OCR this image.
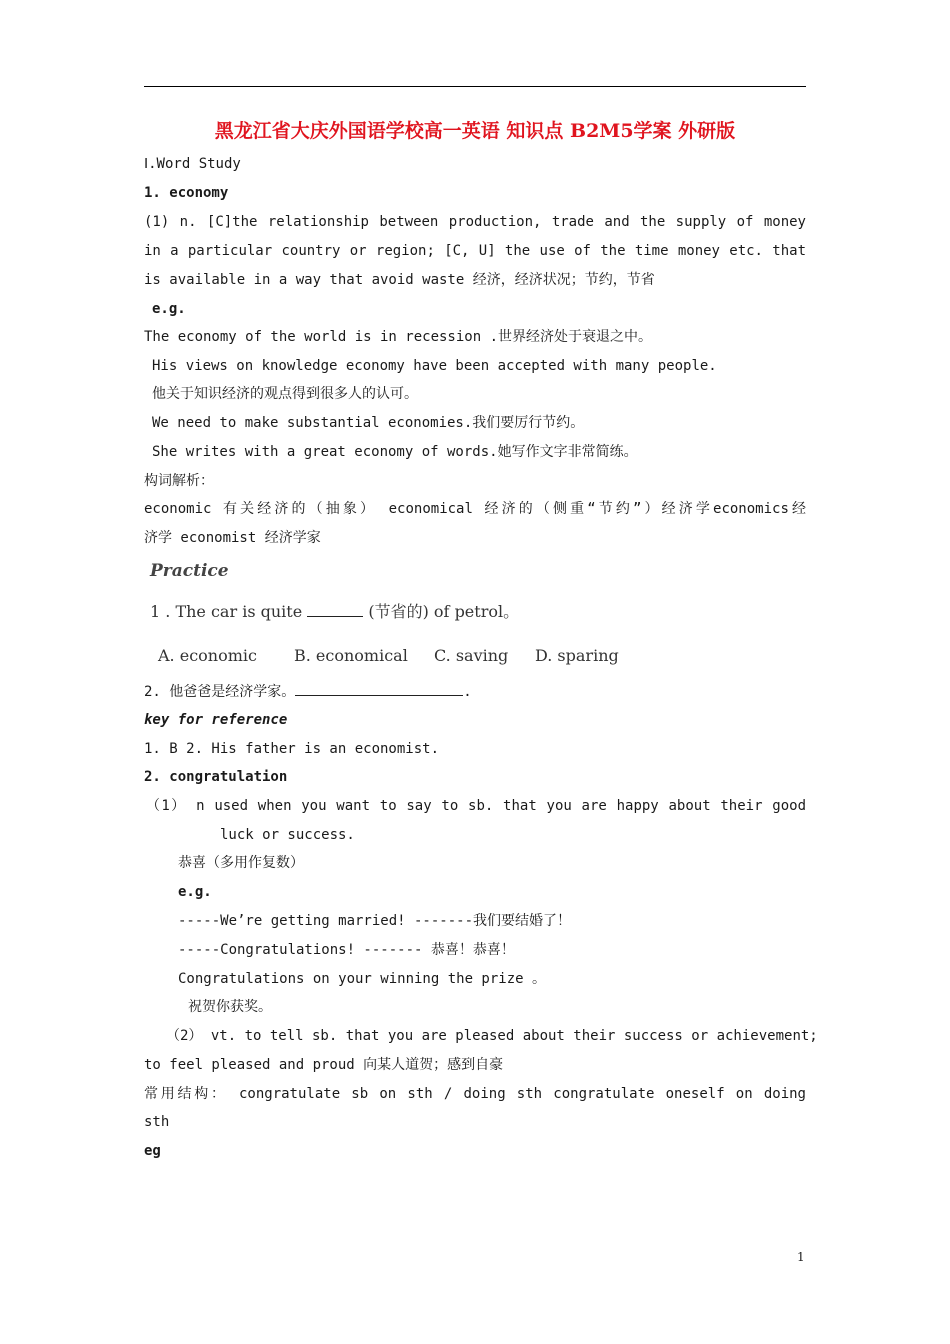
黑龙江省大庆外国语学校高一英语 知识点 B2M5学案 外研版
Ⅰ.Word Study
1. economy
(1) n. [C]the relationship between production, trade and the supply of money
in a particular country or region; [C, U] the use of the time money etc. that
is available in a way that avoid waste 经济，经济状况；节约，节省
e.g.
The economy of the world is in recession .世界经济处于衰退之中。
His views on knowledge economy have been accepted with many people.
他关于知识经济的观点得到很多人的认可。
We need to make substantial economies.我们要厉行节约。
She writes with a great economy of words.她写作文字非常简练。
构词解析：
economic 有关经济的（抽象） economical 经济的（侧重“节约”）经济学economics经
济学 economist 经济学家
Practice
1 . The car is quite	(节省的) of petrol。
A. economic B. economical C. saving D. sparing
2. 他爸爸是经济学家。	.
key for reference
1. B 2. His father is an economist.
2. congratulation
（1） n used when you want to say to sb. that you are happy about their good
luck or success.
恭喜（多用作复数）
e.g.
-----We’re getting married! -------我们要结婚了！
-----Congratulations! ------- 恭喜！恭喜！
Congratulations on your winning the prize 。
祝贺你获奖。
（2） vt. to tell sb. that you are pleased about their success or achievement;
to feel pleased and proud 向某人道贺；感到自豪
常用结构： congratulate sb on sth / doing sth congratulate oneself on doing
sth
eg
1
